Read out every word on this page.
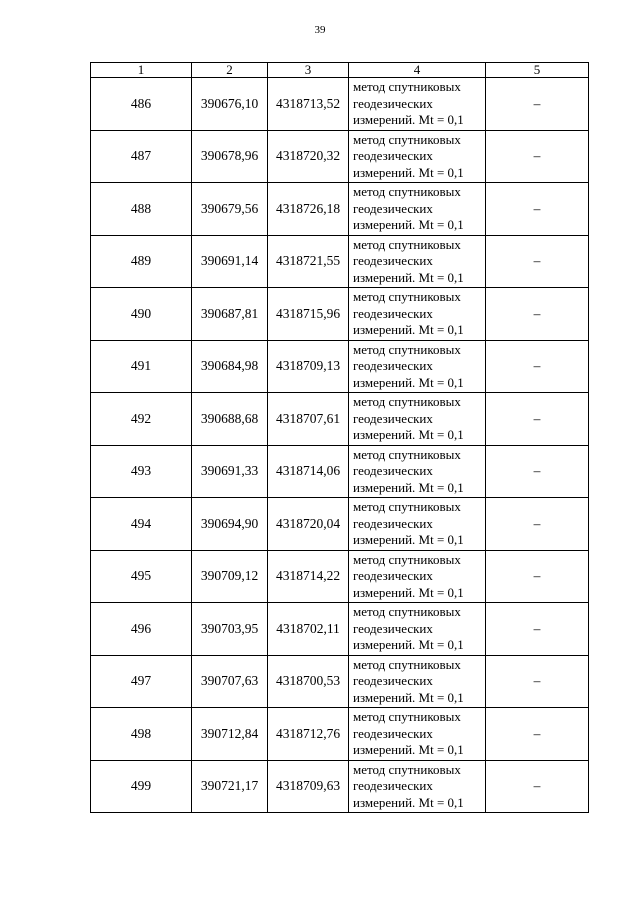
39
1	2	3	4	5
486	390676,10	4318713,52	метод спутниковых
геодезических
измерений. Mt = 0,1	–
487	390678,96	4318720,32	метод спутниковых
геодезических
измерений. Mt = 0,1	–
488	390679,56	4318726,18	метод спутниковых
геодезических
измерений. Mt = 0,1	–
489	390691,14	4318721,55	метод спутниковых
геодезических
измерений. Mt = 0,1	–
490	390687,81	4318715,96	метод спутниковых
геодезических
измерений. Mt = 0,1	–
491	390684,98	4318709,13	метод спутниковых
геодезических
измерений. Mt = 0,1	–
492	390688,68	4318707,61	метод спутниковых
геодезических
измерений. Mt = 0,1	–
493	390691,33	4318714,06	метод спутниковых
геодезических
измерений. Mt = 0,1	–
494	390694,90	4318720,04	метод спутниковых
геодезических
измерений. Mt = 0,1	–
495	390709,12	4318714,22	метод спутниковых
геодезических
измерений. Mt = 0,1	–
496	390703,95	4318702,11	метод спутниковых
геодезических
измерений. Mt = 0,1	–
497	390707,63	4318700,53	метод спутниковых
геодезических
измерений. Mt = 0,1	–
498	390712,84	4318712,76	метод спутниковых
геодезических
измерений. Mt = 0,1	–
499	390721,17	4318709,63	метод спутниковых
геодезических
измерений. Mt = 0,1	–
